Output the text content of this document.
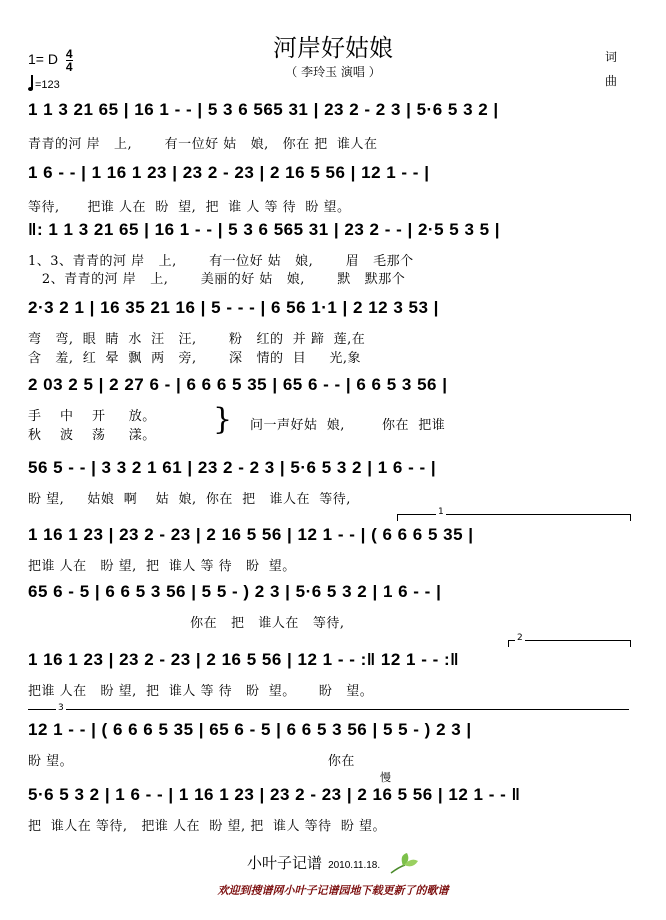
河岸好姑娘
（ 李玲玉 演唱 ）
1= D $\frac{4}{4}$
=123
词
曲
1 1 3 21 65 | 16 1 - - | 5 3 6 565 31 | 23 2 - 2 3 | 5·6 5 3 2 |
青青的河 岸   上,       有一位好 姑   娘,   你在 把  谁人在
1 6 - - | 1 16 1 23 | 23 2 - 23 | 2 16 5 56 | 12 1 - - |
等待,      把谁 人在  盼  望,  把  谁 人 等 待  盼 望。
‖: 1 1 3 21 65 | 16 1 - - | 5 3 6 565 31 | 23 2 - - | 2·5 5 3 5 |
1、3、青青的河 岸   上,       有一位好 姑   娘,       眉   毛那个
2、青青的河 岸   上,       美丽的好 姑   娘,       默   默那个
2·3 2 1 | 16 35 21 16 | 5 - - - | 6 56 1·1 | 2 12 3 53 |
弯   弯,  眼  睛  水  汪   汪,       粉   红的  并 蹄  莲,在
含   羞,  红  晕  飘  两   旁,       深   情的  目     光,象
2 03 2 5 | 2 27 6 - | 6 6 6 5 35 | 65 6 - - | 6 6 5 3 56 |
手    中    开     放。
秋    波    荡     漾。	} 问一声好姑  娘,        你在  把谁
56 5 - - | 3 3 2 1 61 | 23 2 - 2 3 | 5·6 5 3 2 | 1 6 - - |
盼 望,     姑娘  啊    姑  娘,  你在  把   谁人在  等待,
1
1 16 1 23 | 23 2 - 23 | 2 16 5 56 | 12 1 - - | ( 6 6 6 5 35 |
把谁 人在   盼 望,  把  谁人 等 待   盼  望。
65 6 - 5 | 6 6 5 3 56 | 5 5 - ) 2 3 | 5·6 5 3 2 | 1 6 - - |
你在   把   谁人在   等待,
2
1 16 1 23 | 23 2 - 23 | 2 16 5 56 | 12 1 - - :‖ 12 1 - - :‖
把谁 人在   盼 望,  把  谁人 等 待   盼  望。     盼   望。
3
12 1 - - | ( 6 6 6 5 35 | 65 6 - 5 | 6 6 5 3 56 | 5 5 - ) 2 3 |
盼 望。                                                       你在
慢
5·6 5 3 2 | 1 6 - - | 1 16 1 23 | 23 2 - 23 | 2 16 5 56 | 12 1 - - ‖
把  谁人在 等待,   把谁 人在  盼 望, 把  谁人 等待  盼 望。
小叶子记谱 2010.11.18.
欢迎到搜谱网小叶子记谱园地下载更新了的歌谱
